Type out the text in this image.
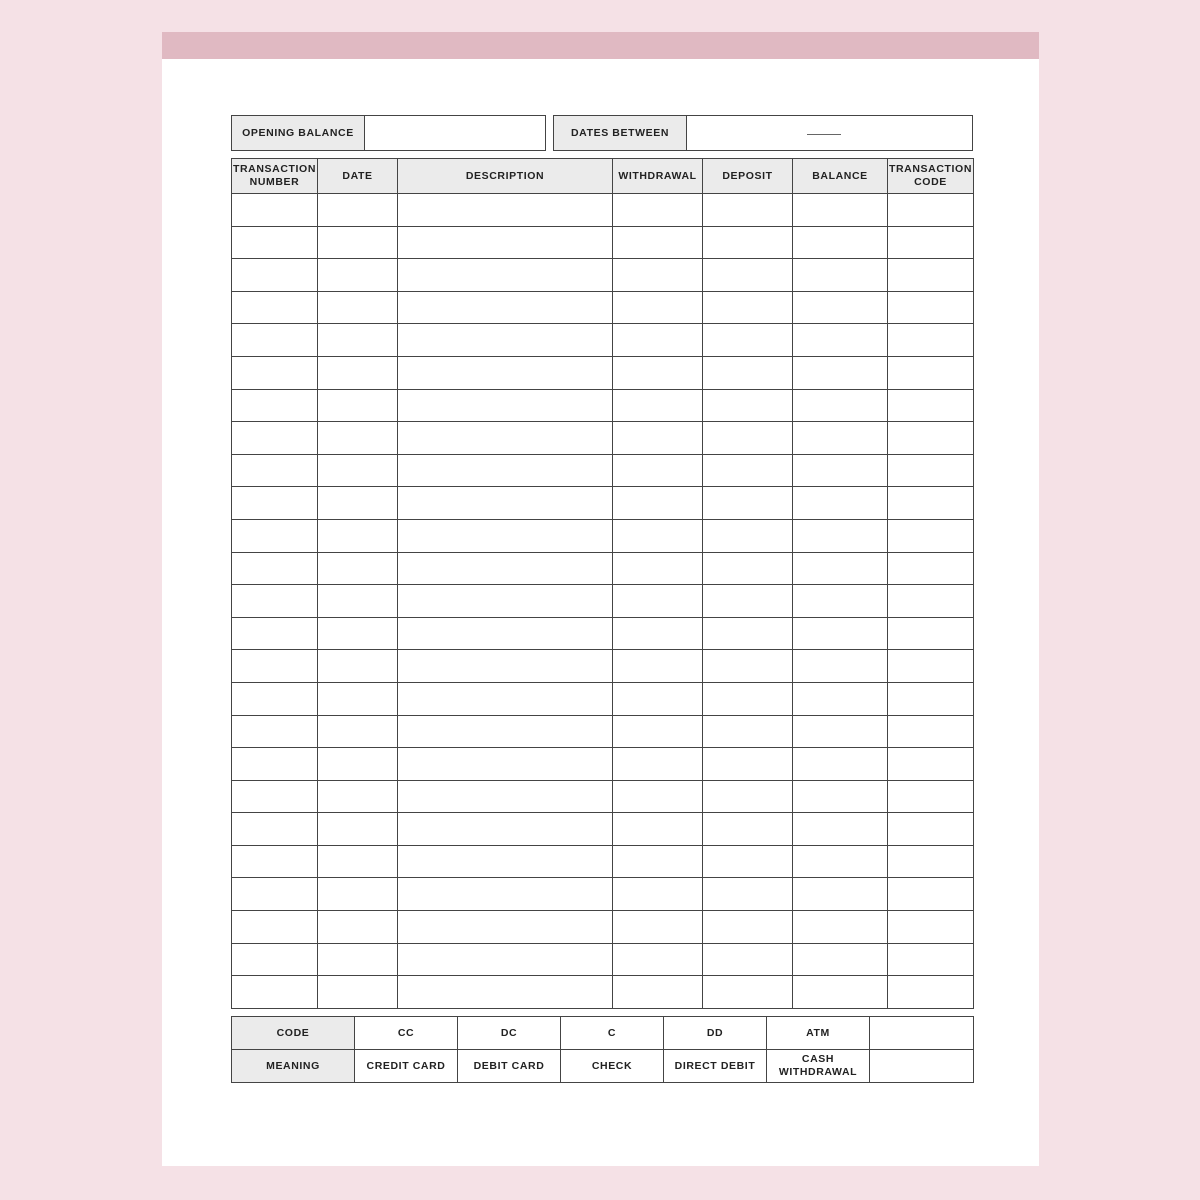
OPENING BALANCE	DATES BETWEEN
TRANSACTION NUMBER	DATE	DESCRIPTION	WITHDRAWAL	DEPOSIT	BALANCE	TRANSACTION CODE

CODE	CC	DC	C	DD	ATM	
MEANING	CREDIT CARD	DEBIT CARD	CHECK	DIRECT DEBIT	CASH WITHDRAWAL	
